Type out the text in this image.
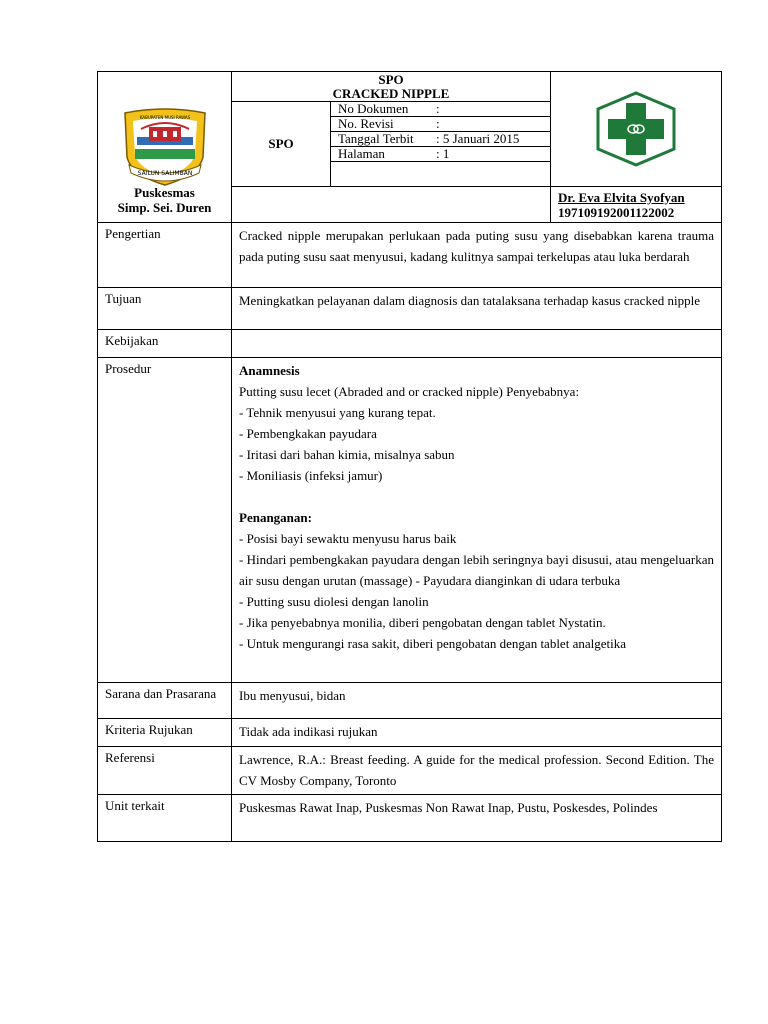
KABUPATEN MUSI RAWAS
SAILUN SALIMBAN

SPO
CRACKED NIPPLE
SPO
No Dokumen	:

No. Revisi	:

Tanggal Terbit	: 5 Januari 2015

Halaman	: 1

Dr. Eva Elvita Syofyan
197109192001122002

Pengertian	Cracked nipple merupakan perlukaan pada puting susu yang disebabkan karena trauma pada puting susu saat menyusui, kadang kulitnya sampai terkelupas atau luka berdarah
Tujuan	Meningkatkan pelayanan dalam diagnosis dan tatalaksana terhadap kasus cracked nipple
Kebijakan	
Prosedur	Anamnesis

Putting susu lecet (Abraded and or cracked nipple) Penyebabnya:

- Tehnik menyusui yang kurang tepat.

- Pembengkakan payudara

- Iritasi dari bahan kimia, misalnya sabun

- Moniliasis (infeksi jamur)

Penanganan:

- Posisi bayi sewaktu menyusu harus baik

- Hindari pembengkakan payudara dengan lebih seringnya bayi disusui, atau mengeluarkan air susu dengan urutan (massage) - Payudara dianginkan di udara terbuka

- Putting susu diolesi dengan lanolin

- Jika penyebabnya monilia, diberi pengobatan dengan tablet Nystatin.

- Untuk mengurangi rasa sakit, diberi pengobatan dengan tablet analgetika

Sarana dan Prasarana	Ibu menyusui, bidan
Kriteria Rujukan	Tidak ada indikasi rujukan
Referensi	Lawrence, R.A.: Breast feeding. A guide for the medical profession. Second Edition. The CV Mosby Company, Toronto
Unit terkait	Puskesmas Rawat Inap, Puskesmas Non Rawat Inap, Pustu, Poskesdes, Polindes
Puskesmas
Simp. Sei. Duren
